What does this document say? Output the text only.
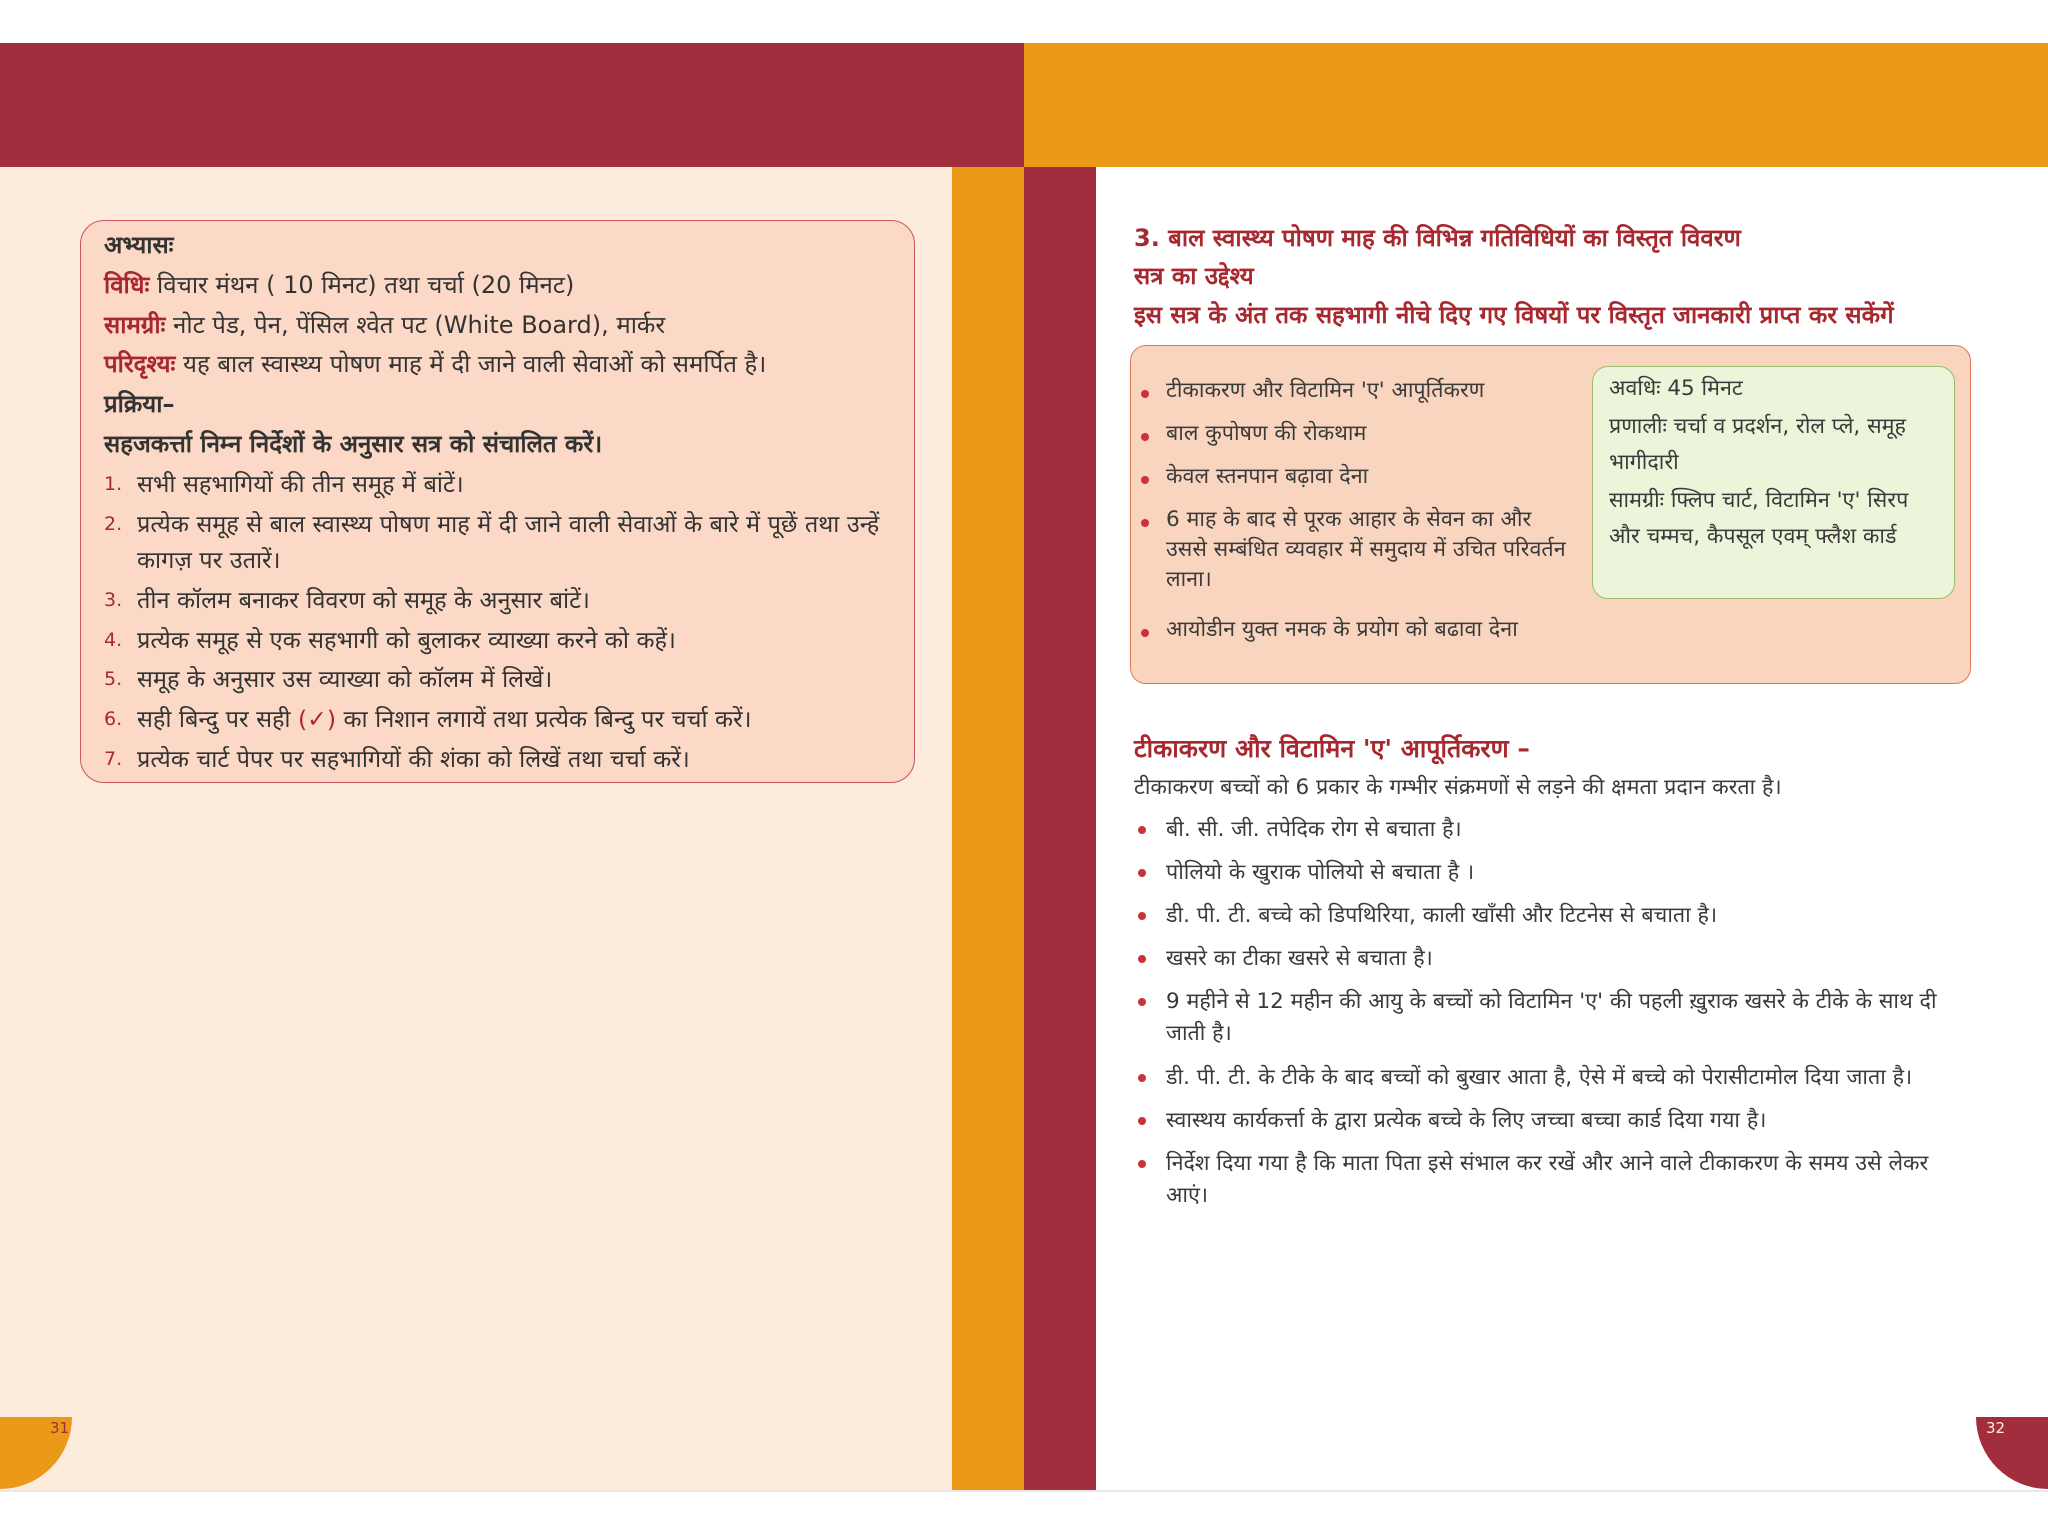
31	32
अभ्यासः
विधिः विचार मंथन ( 10 मिनट) तथा चर्चा (20 मिनट)
सामग्रीः नोट पेड, पेन, पेंसिल श्वेत पट (White Board), मार्कर
परिदृश्यः यह बाल स्वास्थ्य पोषण माह में दी जाने वाली सेवाओं को समर्पित है।
प्रक्रिया–
सहजकर्त्ता निम्न निर्देशों के अनुसार सत्र को संचालित करें।
1. सभी सहभागियों की तीन समूह में बांटें।
2. प्रत्येक समूह से बाल स्वास्थ्य पोषण माह में दी जाने वाली सेवाओं के बारे में पूछें तथा उन्हें कागज़ पर उतारें।
3. तीन कॉलम बनाकर विवरण को समूह के अनुसार बांटें।
4. प्रत्येक समूह से एक सहभागी को बुलाकर व्याख्या करने को कहें।
5. समूह के अनुसार उस व्याख्या को कॉलम में लिखें।
6. सही बिन्दु पर सही (✓) का निशान लगायें तथा प्रत्येक बिन्दु पर चर्चा करें।
7. प्रत्येक चार्ट पेपर पर सहभागियों की शंका को लिखें तथा चर्चा करें।
3. बाल स्वास्थ्य पोषण माह की विभिन्न गतिविधियों का विस्तृत विवरण
सत्र का उद्देश्य
इस सत्र के अंत तक सहभागी नीचे दिए गए विषयों पर विस्तृत जानकारी प्राप्त कर सकेंगें
टीकाकरण और विटामिन 'ए' आपूर्तिकरण
बाल कुपोषण की रोकथाम
केवल स्तनपान बढ़ावा देना
6 माह के बाद से पूरक आहार के सेवन का और उससे सम्बंधित व्यवहार में समुदाय में उचित परिवर्तन लाना।
आयोडीन युक्त नमक के प्रयोग को बढावा देना
अवधिः 45 मिनट
प्रणालीः चर्चा व प्रदर्शन, रोल प्ले, समूह भागीदारी
सामग्रीः फ्लिप चार्ट, विटामिन 'ए' सिरप और चम्मच, कैपसूल एवम् फ्लैश कार्ड
टीकाकरण और विटामिन 'ए' आपूर्तिकरण –
टीकाकरण बच्चों को 6 प्रकार के गम्भीर संक्रमणों से लड़ने की क्षमता प्रदान करता है।
बी. सी. जी. तपेदिक रोग से बचाता है।
पोलियो के खुराक पोलियो से बचाता है ।
डी. पी. टी. बच्चे को डिपथिरिया, काली खॉंसी और टिटनेस से बचाता है।
खसरे का टीका खसरे से बचाता है।
9 महीने से 12 महीन की आयु के बच्चों को विटामिन 'ए' की पहली ख़ुराक खसरे के टीके के साथ दी जाती है।
डी. पी. टी. के टीके के बाद बच्चों को बुखार आता है, ऐसे में बच्चे को पेरासीटामोल दिया जाता है।
स्वास्थय कार्यकर्त्ता के द्वारा प्रत्येक बच्चे के लिए जच्चा बच्चा कार्ड दिया गया है।
निर्देश दिया गया है कि माता पिता इसे संभाल कर रखें और आने वाले टीकाकरण के समय उसे लेकर आएं।
